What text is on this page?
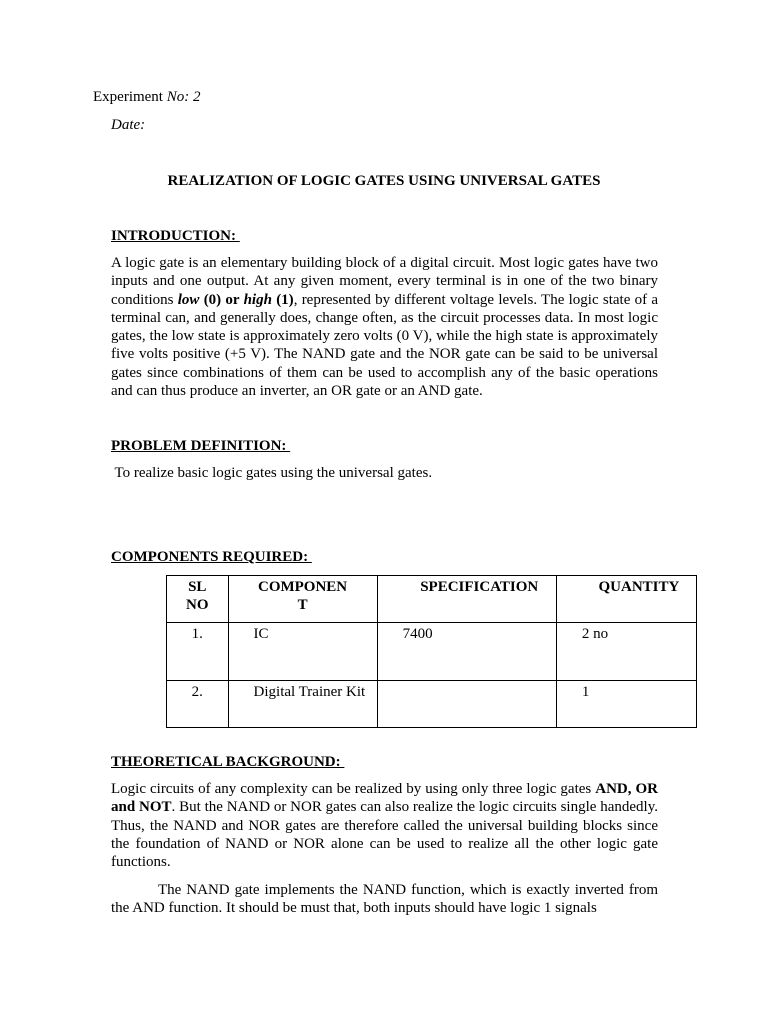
Experiment No: 2
Date:
REALIZATION OF LOGIC GATES USING UNIVERSAL GATES
INTRODUCTION:
A logic gate is an elementary building block of a digital circuit. Most logic gates have two inputs and one output. At any given moment, every terminal is in one of the two binary conditions low (0) or high (1), represented by different voltage levels. The logic state of a terminal can, and generally does, change often, as the circuit processes data. In most logic gates, the low state is approximately zero volts (0 V), while the high state is approximately five volts positive (+5 V). The NAND gate and the NOR gate can be said to be universal gates since combinations of them can be used to accomplish any of the basic operations and can thus produce an inverter, an OR gate or an AND gate.
PROBLEM DEFINITION:
To realize basic logic gates using the universal gates.
COMPONENTS REQUIRED:
SL NO	COMPONENT	SPECIFICATION	QUANTITY
1.	IC	7400	2 no
2.	Digital Trainer Kit		1
THEORETICAL BACKGROUND:
Logic circuits of any complexity can be realized by using only three logic gates AND, OR and NOT. But the NAND or NOR gates can also realize the logic circuits single handedly. Thus, the NAND and NOR gates are therefore called the universal building blocks since the foundation of NAND or NOR alone can be used to realize all the other logic gate functions.
The NAND gate implements the NAND function, which is exactly inverted from the AND function. It should be must that, both inputs should have logic 1 signals
